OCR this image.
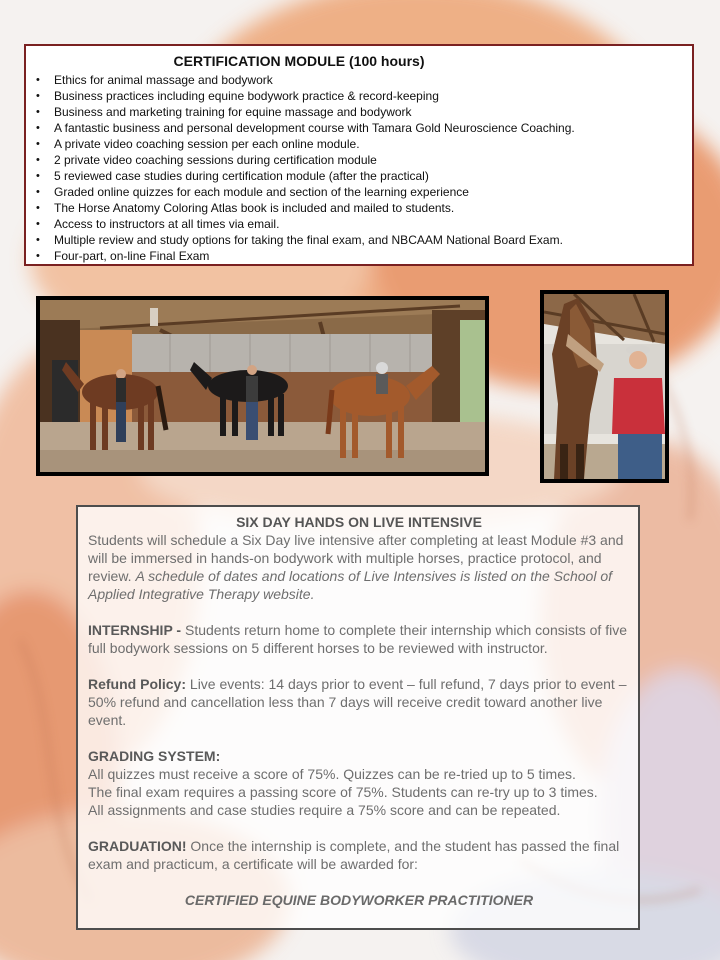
CERTIFICATION MODULE (100 hours)
• Ethics for animal massage and bodywork
• Business practices including equine bodywork practice & record-keeping
• Business and marketing training for equine massage and bodywork
• A fantastic business and personal development course with Tamara Gold Neuroscience Coaching.
• A private video coaching session per each online module.
• 2 private video coaching sessions during certification module
• 5 reviewed case studies during certification module (after the practical)
• Graded online quizzes for each module and section of the learning experience
• The Horse Anatomy Coloring Atlas book is included and mailed to students.
• Access to instructors at all times via email.
• Multiple review and study options for taking the final exam, and NBCAAM National Board Exam.
• Four-part, on-line Final Exam
SIX DAY HANDS ON LIVE INTENSIVE

Students will schedule a Six Day live intensive after completing at least Module #3 and will be immersed in hands-on bodywork with multiple horses, practice protocol, and review. A schedule of dates and locations of Live Intensives is listed on the School of Applied Integrative Therapy website.

INTERNSHIP - Students return home to complete their internship which consists of five full bodywork sessions on 5 different horses to be reviewed with instructor.

Refund Policy: Live events: 14 days prior to event – full refund, 7 days prior to event – 50% refund and cancellation less than 7 days will receive credit toward another live event.

GRADING SYSTEM:
All quizzes must receive a score of 75%. Quizzes can be re-tried up to 5 times.
The final exam requires a passing score of 75%. Students can re-try up to 3 times.
All assignments and case studies require a 75% score and can be repeated.

GRADUATION! Once the internship is complete, and the student has passed the final exam and practicum, a certificate will be awarded for:

CERTIFIED EQUINE BODYWORKER PRACTITIONER
